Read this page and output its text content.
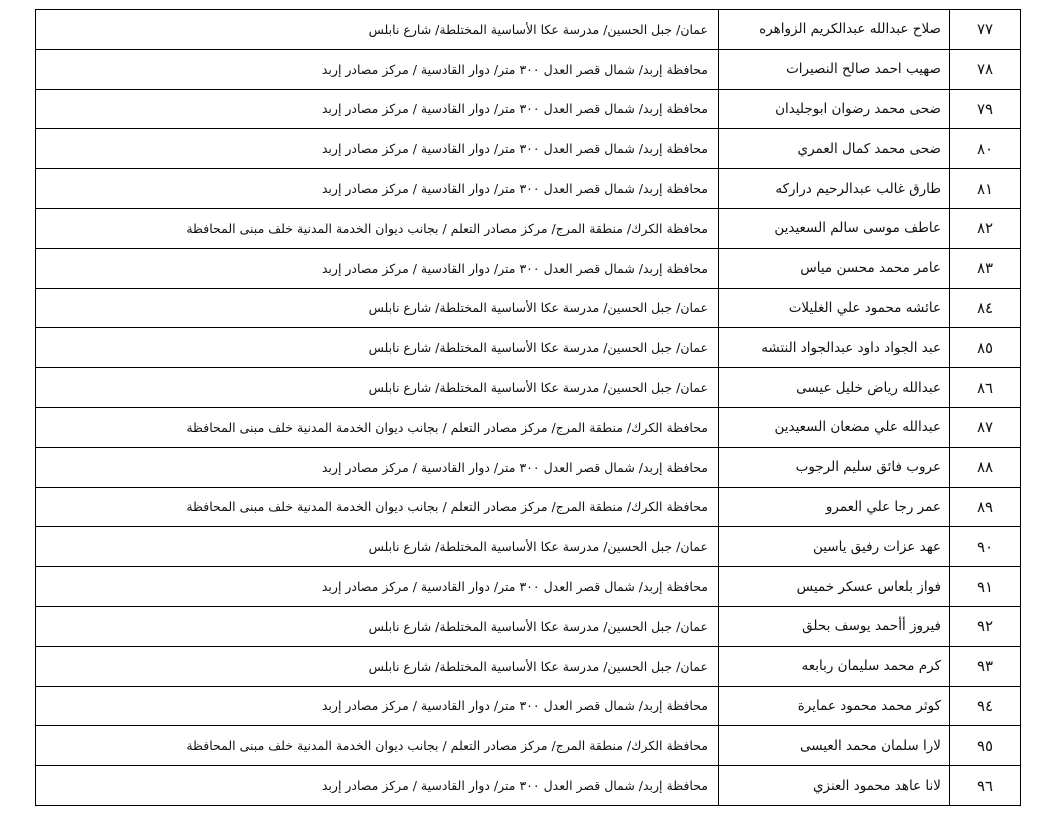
٧٧	صلاح عبدالله عبدالكريم الزواهره	عمان/ جبل الحسين/ مدرسة عكا الأساسية المختلطة/ شارع نابلس
٧٨	صهيب احمد صالح النصيرات	محافظة إربد/ شمال قصر العدل ٣٠٠ متر/ دوار القادسية / مركز مصادر إربد
٧٩	ضحى محمد رضوان ابوجليدان	محافظة إربد/ شمال قصر العدل ٣٠٠ متر/ دوار القادسية / مركز مصادر إربد
٨٠	ضحى محمد كمال العمري	محافظة إربد/ شمال قصر العدل ٣٠٠ متر/ دوار القادسية / مركز مصادر إربد
٨١	طارق غالب عبدالرحيم دراركه	محافظة إربد/ شمال قصر العدل ٣٠٠ متر/ دوار القادسية / مركز مصادر إربد
٨٢	عاطف موسى سالم السعيدين	محافظة الكرك/ منطقة المرج/ مركز مصادر التعلم / بجانب ديوان الخدمة المدنية خلف مبنى المحافظة
٨٣	عامر محمد محسن مياس	محافظة إربد/ شمال قصر العدل ٣٠٠ متر/ دوار القادسية / مركز مصادر إربد
٨٤	عائشه محمود علي الغليلات	عمان/ جبل الحسين/ مدرسة عكا الأساسية المختلطة/ شارع نابلس
٨٥	عبد الجواد داود عبدالجواد النتشه	عمان/ جبل الحسين/ مدرسة عكا الأساسية المختلطة/ شارع نابلس
٨٦	عبدالله رياض خليل عيسى	عمان/ جبل الحسين/ مدرسة عكا الأساسية المختلطة/ شارع نابلس
٨٧	عبدالله علي مضعان السعيدين	محافظة الكرك/ منطقة المرج/ مركز مصادر التعلم / بجانب ديوان الخدمة المدنية خلف مبنى المحافظة
٨٨	عروب فائق سليم الرجوب	محافظة إربد/ شمال قصر العدل ٣٠٠ متر/ دوار القادسية / مركز مصادر إربد
٨٩	عمر رجا علي العمرو	محافظة الكرك/ منطقة المرج/ مركز مصادر التعلم / بجانب ديوان الخدمة المدنية خلف مبنى المحافظة
٩٠	عهد عزات رفيق ياسين	عمان/ جبل الحسين/ مدرسة عكا الأساسية المختلطة/ شارع نابلس
٩١	فواز بلعاس عسكر خميس	محافظة إربد/ شمال قصر العدل ٣٠٠ متر/ دوار القادسية / مركز مصادر إربد
٩٢	فيروز أأحمد يوسف بحلق	عمان/ جبل الحسين/ مدرسة عكا الأساسية المختلطة/ شارع نابلس
٩٣	كرم محمد سليمان ربابعه	عمان/ جبل الحسين/ مدرسة عكا الأساسية المختلطة/ شارع نابلس
٩٤	كوثر محمد محمود عمايرة	محافظة إربد/ شمال قصر العدل ٣٠٠ متر/ دوار القادسية / مركز مصادر إربد
٩٥	لارا سلمان محمد العيسى	محافظة الكرك/ منطقة المرج/ مركز مصادر التعلم / بجانب ديوان الخدمة المدنية خلف مبنى المحافظة
٩٦	لانا عاهد محمود العنزي	محافظة إربد/ شمال قصر العدل ٣٠٠ متر/ دوار القادسية / مركز مصادر إربد
